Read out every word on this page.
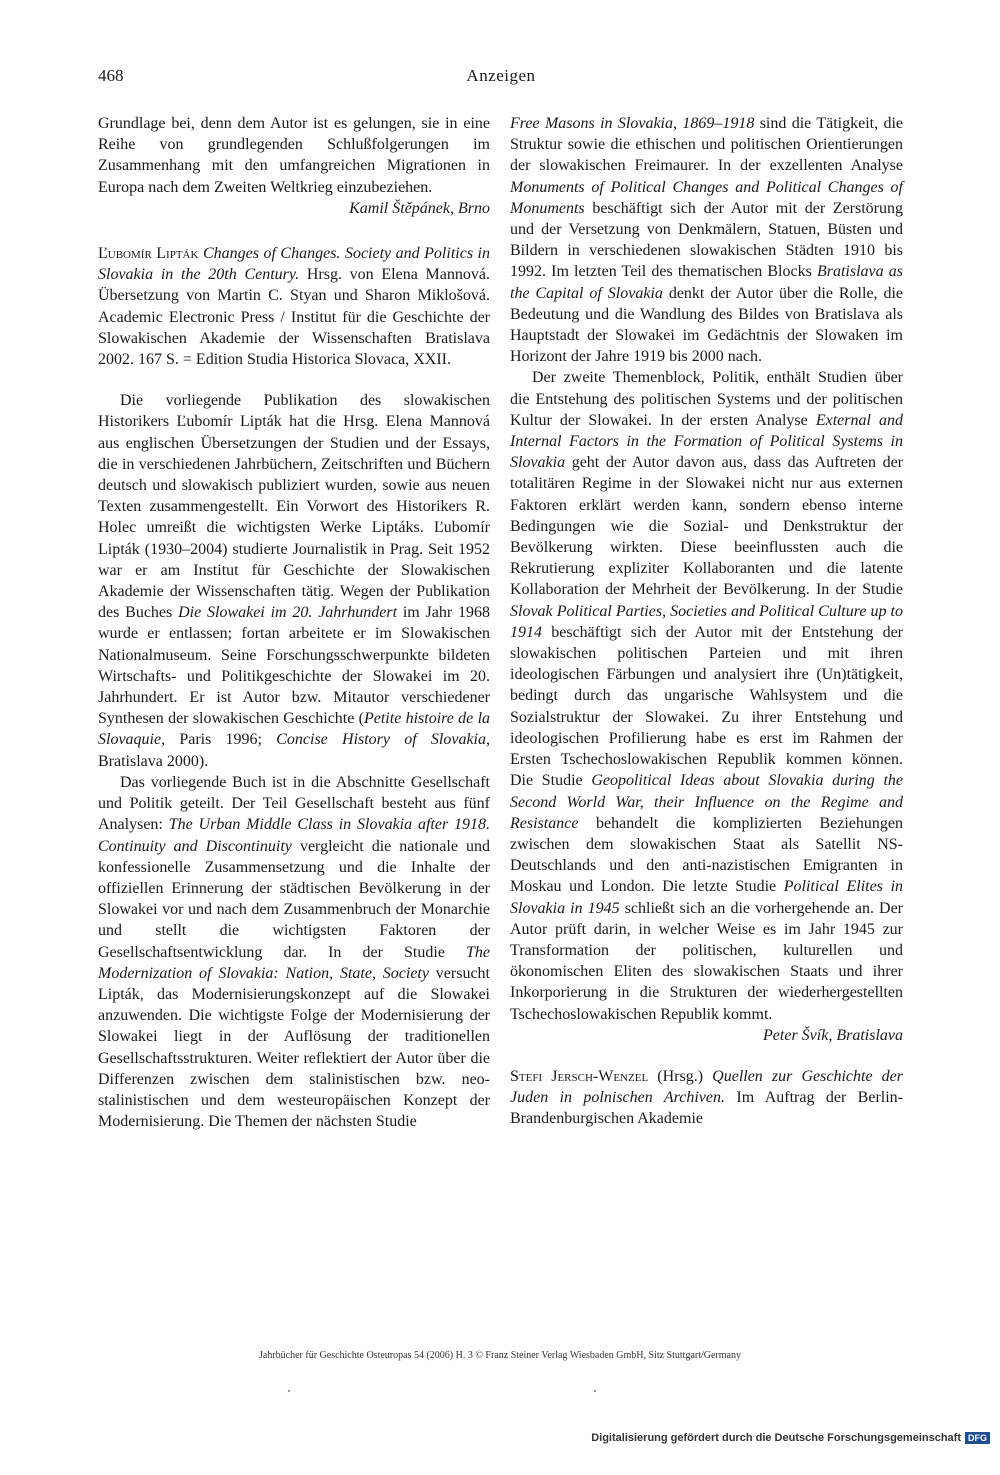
468	Anzeigen

Grundlage bei, denn dem Autor ist es gelungen, sie in eine Reihe von grundlegenden Schlußfolgerungen im Zusammenhang mit den umfangreichen Migrationen in Europa nach dem Zweiten Weltkrieg einzubeziehen.

Kamil Štěpánek, Brno

Ľubomír Lipták Changes of Changes. Society and Politics in Slovakia in the 20th Century. Hrsg. von Elena Mannová. Übersetzung von Martin C. Styan und Sharon Miklošová. Academic Electronic Press / Institut für die Geschichte der Slowakischen Akademie der Wissenschaften Bratislava 2002. 167 S. = Edition Studia Historica Slovaca, XXII.

Die vorliegende Publikation des slowakischen Historikers Ľubomír Lipták hat die Hrsg. Elena Mannová aus englischen Übersetzungen der Studien und der Essays, die in verschiedenen Jahrbüchern, Zeitschriften und Büchern deutsch und slowakisch publiziert wurden, sowie aus neuen Texten zusammengestellt. Ein Vorwort des Historikers R. Holec umreißt die wichtigsten Werke Liptáks. Ľubomír Lipták (1930–2004) studierte Journalistik in Prag. Seit 1952 war er am Institut für Geschichte der Slowakischen Akademie der Wissenschaften tätig. Wegen der Publikation des Buches Die Slowakei im 20. Jahrhundert im Jahr 1968 wurde er entlassen; fortan arbeitete er im Slowakischen Nationalmuseum. Seine Forschungsschwerpunkte bildeten Wirtschafts- und Politikgeschichte der Slowakei im 20. Jahrhundert. Er ist Autor bzw. Mitautor verschiedener Synthesen der slowakischen Geschichte (Petite histoire de la Slovaquie, Paris 1996; Concise History of Slovakia, Bratislava 2000).

Das vorliegende Buch ist in die Abschnitte Gesellschaft und Politik geteilt. Der Teil Gesellschaft besteht aus fünf Analysen: The Urban Middle Class in Slovakia after 1918. Continuity and Discontinuity vergleicht die nationale und konfessionelle Zusammensetzung und die Inhalte der offiziellen Erinnerung der städtischen Bevölkerung in der Slowakei vor und nach dem Zusammenbruch der Monarchie und stellt die wichtigsten Faktoren der Gesellschaftsentwicklung dar. In der Studie The Modernization of Slovakia: Nation, State, Society versucht Lipták, das Modernisierungskonzept auf die Slowakei anzuwenden. Die wichtigste Folge der Modernisierung der Slowakei liegt in der Auflösung der traditionellen Gesellschaftsstrukturen. Weiter reflektiert der Autor über die Differenzen zwischen dem stalinistischen bzw. neo-stalinistischen und dem westeuropäischen Konzept der Modernisierung. Die Themen der nächsten Studie

Free Masons in Slovakia, 1869–1918 sind die Tätigkeit, die Struktur sowie die ethischen und politischen Orientierungen der slowakischen Freimaurer. In der exzellenten Analyse Monuments of Political Changes and Political Changes of Monuments beschäftigt sich der Autor mit der Zerstörung und der Versetzung von Denkmälern, Statuen, Büsten und Bildern in verschiedenen slowakischen Städten 1910 bis 1992. Im letzten Teil des thematischen Blocks Bratislava as the Capital of Slovakia denkt der Autor über die Rolle, die Bedeutung und die Wandlung des Bildes von Bratislava als Hauptstadt der Slowakei im Gedächtnis der Slowaken im Horizont der Jahre 1919 bis 2000 nach.

Der zweite Themenblock, Politik, enthält Studien über die Entstehung des politischen Systems und der politischen Kultur der Slowakei. In der ersten Analyse External and Internal Factors in the Formation of Political Systems in Slovakia geht der Autor davon aus, dass das Auftreten der totalitären Regime in der Slowakei nicht nur aus externen Faktoren erklärt werden kann, sondern ebenso interne Bedingungen wie die Sozial- und Denkstruktur der Bevölkerung wirkten. Diese beeinflussten auch die Rekrutierung expliziter Kollaboranten und die latente Kollaboration der Mehrheit der Bevölkerung. In der Studie Slovak Political Parties, Societies and Political Culture up to 1914 beschäftigt sich der Autor mit der Entstehung der slowakischen politischen Parteien und mit ihren ideologischen Färbungen und analysiert ihre (Un)tätigkeit, bedingt durch das ungarische Wahlsystem und die Sozialstruktur der Slowakei. Zu ihrer Entstehung und ideologischen Profilierung habe es erst im Rahmen der Ersten Tschechoslowakischen Republik kommen können. Die Studie Geopolitical Ideas about Slovakia during the Second World War, their Influence on the Regime and Resistance behandelt die komplizierten Beziehungen zwischen dem slowakischen Staat als Satellit NS-Deutschlands und den anti-nazistischen Emigranten in Moskau und London. Die letzte Studie Political Elites in Slovakia in 1945 schließt sich an die vorhergehende an. Der Autor prüft darin, in welcher Weise es im Jahr 1945 zur Transformation der politischen, kulturellen und ökonomischen Eliten des slowakischen Staats und ihrer Inkorporierung in die Strukturen der wiederhergestellten Tschechoslowakischen Republik kommt.

Peter Švík, Bratislava

Stefi Jersch-Wenzel (Hrsg.) Quellen zur Geschichte der Juden in polnischen Archiven. Im Auftrag der Berlin-Brandenburgischen Akademie

Jahrbücher für Geschichte Osteuropas 54 (2006) H. 3 © Franz Steiner Verlag Wiesbaden GmbH, Sitz Stuttgart/Germany
Digitalisierung gefördert durch die Deutsche Forschungsgemeinschaft DFG
